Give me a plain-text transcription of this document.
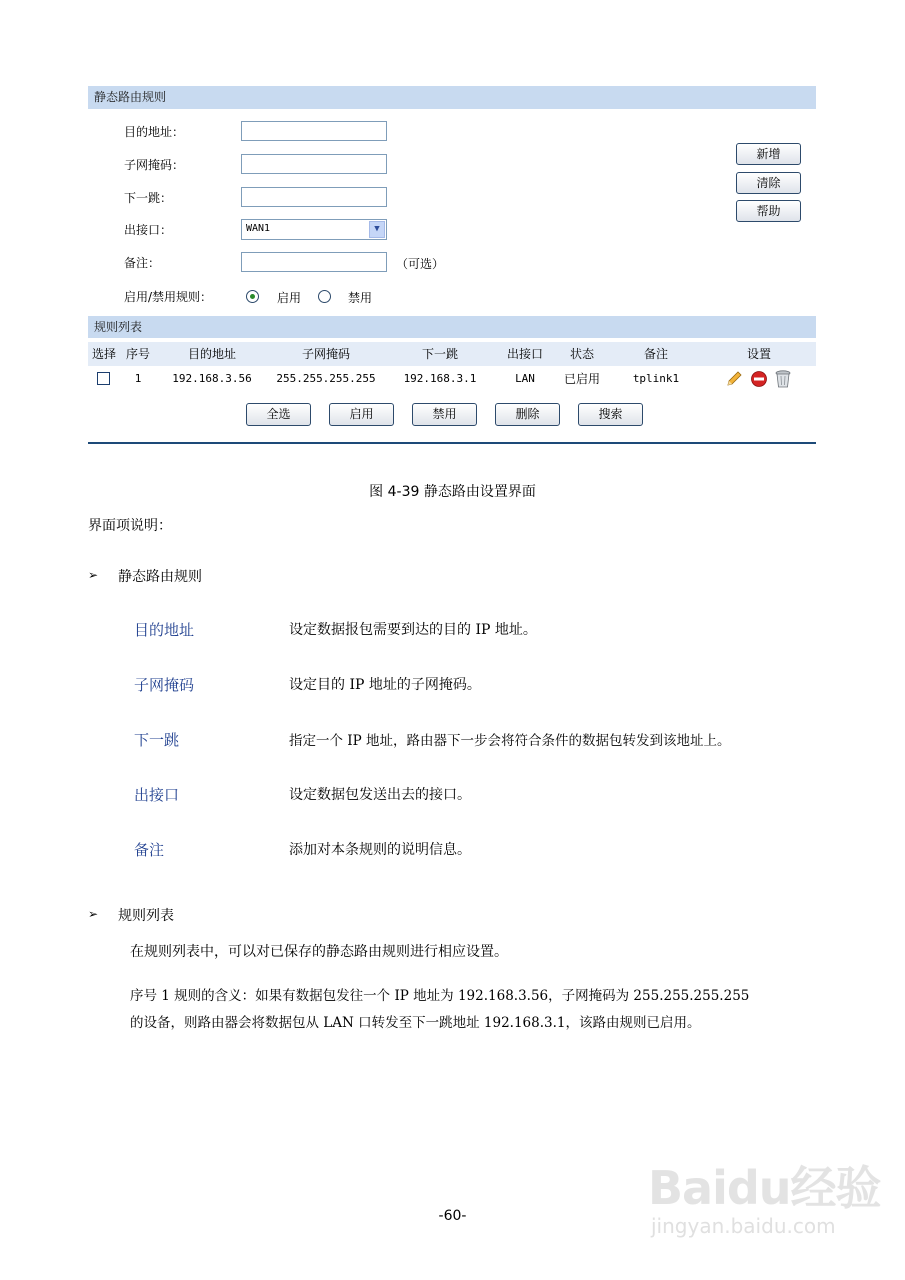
静态路由规则
目的地址：
子网掩码：
下一跳：
出接口：	WAN1	▼
备注：	（可选）
启用/禁用规则：	启用	禁用
新增
清除
帮助
规则列表
选择 序号	目的地址	子网掩码	下一跳	出接口	状态	备注	设置
1	192.168.3.56	255.255.255.255	192.168.3.1	LAN	已启用	tplink1
全选	启用	禁用	删除	搜索
图 4-39 静态路由设置界面
界面项说明：
➢ 静态路由规则
目的地址	设定数据报包需要到达的目的 IP 地址。
子网掩码	设定目的 IP 地址的子网掩码。
下一跳	指定一个 IP 地址，路由器下一步会将符合条件的数据包转发到该地址上。
出接口	设定数据包发送出去的接口。
备注	添加对本条规则的说明信息。
➢ 规则列表
在规则列表中，可以对已保存的静态路由规则进行相应设置。
序号 1 规则的含义：如果有数据包发往一个 IP 地址为 192.168.3.56，子网掩码为 255.255.255.255
的设备，则路由器会将数据包从 LAN 口转发至下一跳地址 192.168.3.1，该路由规则已启用。
-60-
Baidu经验
jingyan.baidu.com
